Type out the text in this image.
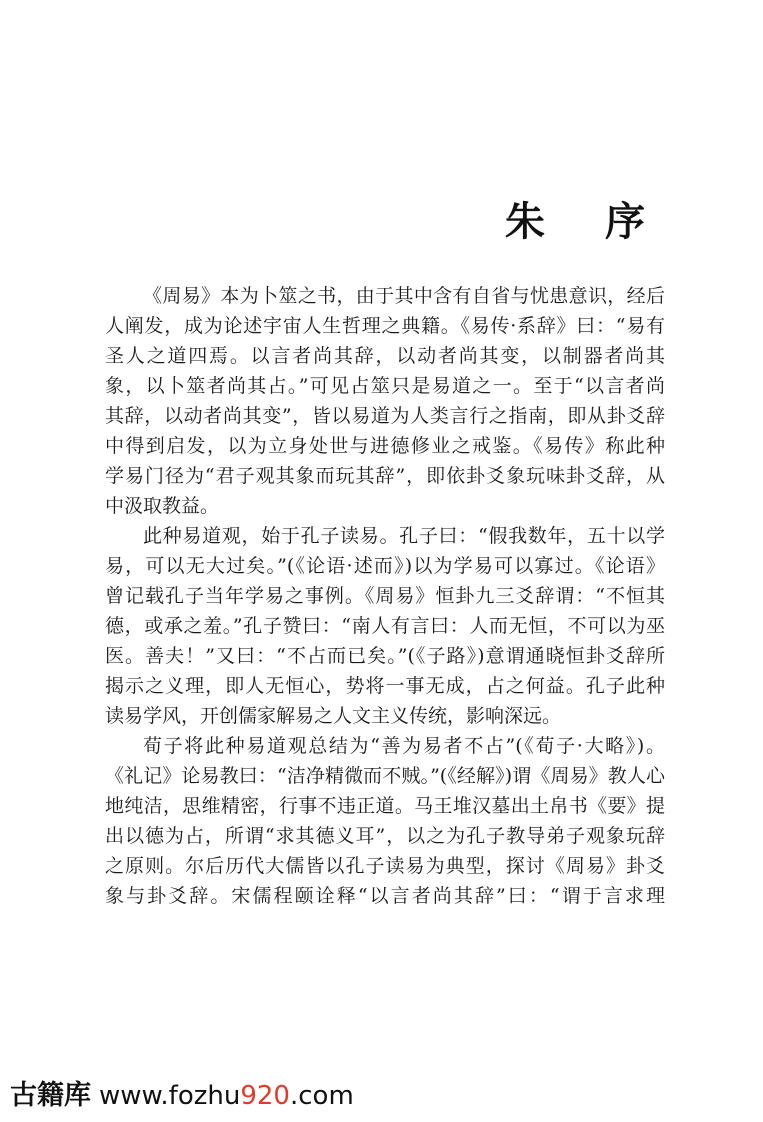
朱 序
《周易》本为卜筮之书，由于其中含有自省与忧患意识，经后
人阐发，成为论述宇宙人生哲理之典籍。《易传·系辞》曰：“易有
圣人之道四焉。以言者尚其辞，以动者尚其变，以制器者尚其
象，以卜筮者尚其占。”可见占筮只是易道之一。至于“以言者尚
其辞，以动者尚其变”，皆以易道为人类言行之指南，即从卦爻辞
中得到启发，以为立身处世与进德修业之戒鉴。《易传》称此种
学易门径为“君子观其象而玩其辞”，即依卦爻象玩味卦爻辞，从
中汲取教益。
此种易道观，始于孔子读易。孔子曰：“假我数年，五十以学
易，可以无大过矣。”(《论语·述而》)以为学易可以寡过。《论语》
曾记载孔子当年学易之事例。《周易》恒卦九三爻辞谓：“不恒其
德，或承之羞。”孔子赞曰：“南人有言曰：人而无恒，不可以为巫
医。善夫！”又曰：“不占而已矣。”(《子路》)意谓通晓恒卦爻辞所
揭示之义理，即人无恒心，势将一事无成，占之何益。孔子此种
读易学风，开创儒家解易之人文主义传统，影响深远。
荀子将此种易道观总结为“善为易者不占”(《荀子·大略》)。
《礼记》论易教曰：“洁净精微而不贼。”(《经解》)谓《周易》教人心
地纯洁，思维精密，行事不违正道。马王堆汉墓出土帛书《要》提
出以德为占，所谓“求其德义耳”，以之为孔子教导弟子观象玩辞
之原则。尔后历代大儒皆以孔子读易为典型，探讨《周易》卦爻
象与卦爻辞。宋儒程颐诠释“以言者尚其辞”曰：“谓于言求理
古籍库 www.fozhu920.com
